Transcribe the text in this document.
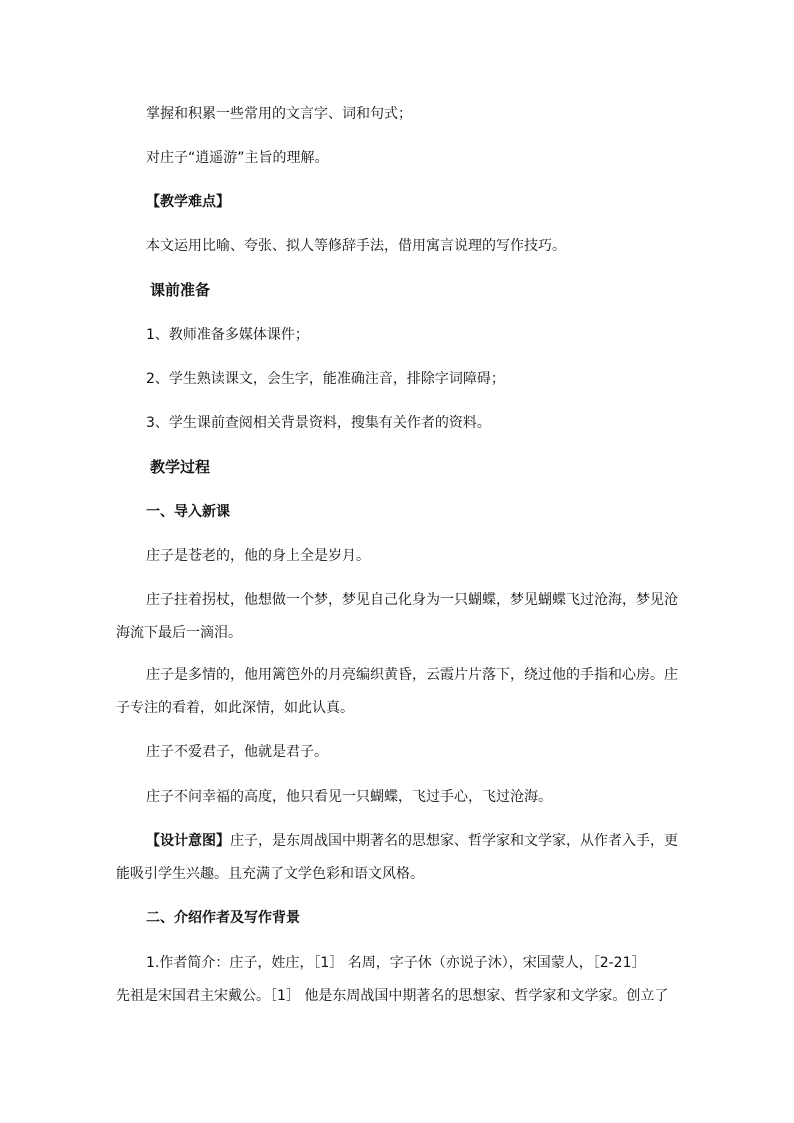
掌握和积累一些常用的文言字、词和句式；
对庄子“逍遥游”主旨的理解。
【教学难点】
本文运用比喻、夸张、拟人等修辞手法，借用寓言说理的写作技巧。
课前准备
1、教师准备多媒体课件；
2、学生熟读课文，会生字，能准确注音，排除字词障碍；
3、学生课前查阅相关背景资料，搜集有关作者的资料。
教学过程
一、导入新课
庄子是苍老的，他的身上全是岁月。
庄子拄着拐杖，他想做一个梦，梦见自己化身为一只蝴蝶，梦见蝴蝶飞过沧海，梦见沧
海流下最后一滴泪。
庄子是多情的，他用篱笆外的月亮编织黄昏，云霞片片落下，绕过他的手指和心房。庄
子专注的看着，如此深情，如此认真。
庄子不爱君子，他就是君子。
庄子不问幸福的高度，他只看见一只蝴蝶，飞过手心，飞过沧海。
【设计意图】庄子，是东周战国中期著名的思想家、哲学家和文学家，从作者入手，更
能吸引学生兴趣。且充满了文学色彩和语文风格。
二、介绍作者及写作背景
1.作者简介：庄子，姓庄，［1］ 名周，字子休（亦说子沐），宋国蒙人，［2-21］
先祖是宋国君主宋戴公。［1］ 他是东周战国中期著名的思想家、哲学家和文学家。创立了
